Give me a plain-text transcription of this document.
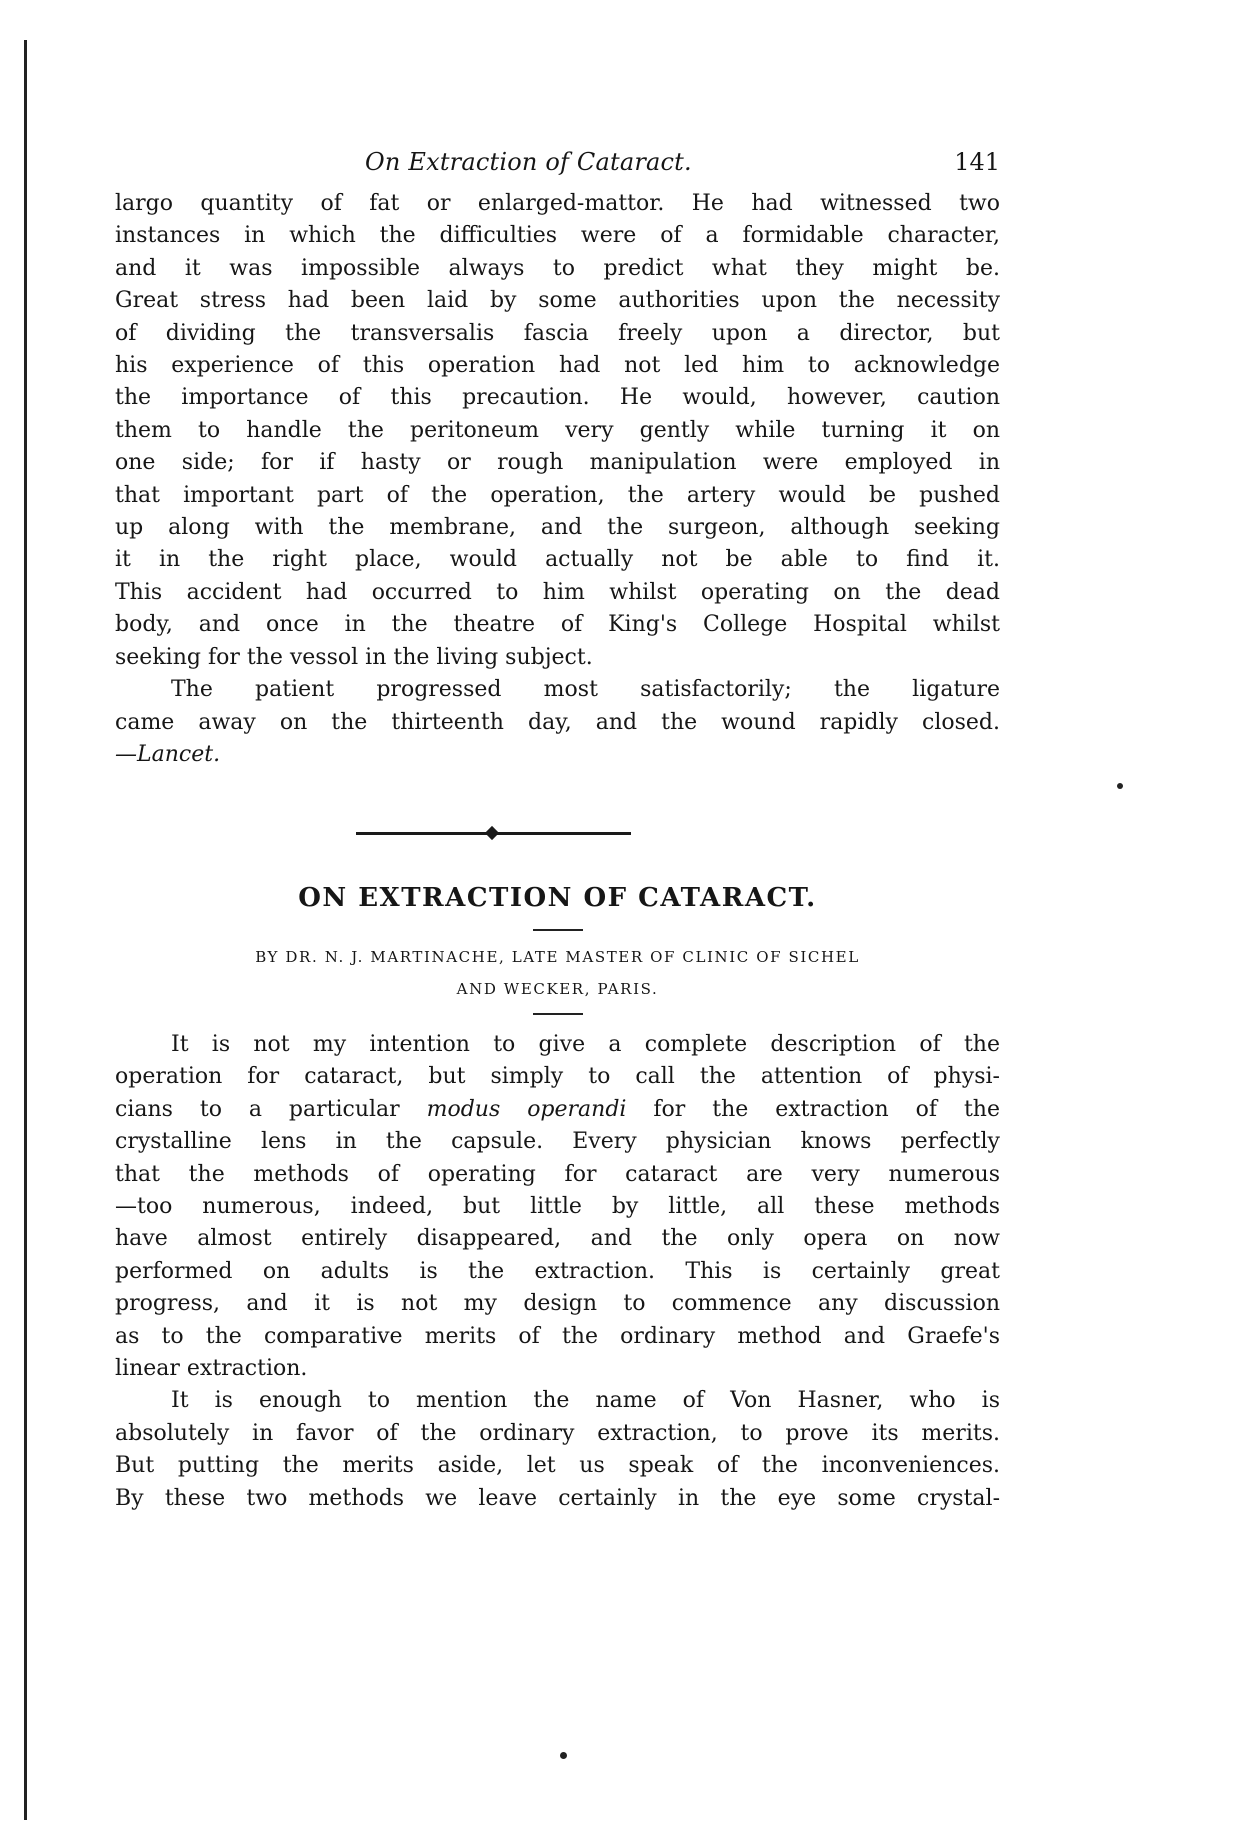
On Extraction of Cataract.	141

largo quantity of fat or enlarged-mattor. He had witnessed two
instances in which the difficulties were of a formidable character,
and it was impossible always to predict what they might be.
Great stress had been laid by some authorities upon the necessity
of dividing the transversalis fascia freely upon a director, but
his experience of this operation had not led him to acknowledge
the importance of this precaution. He would, however, caution
them to handle the peritoneum very gently while turning it on
one side; for if hasty or rough manipulation were employed in
that important part of the operation, the artery would be pushed
up along with the membrane, and the surgeon, although seeking
it in the right place, would actually not be able to find it.
This accident had occurred to him whilst operating on the dead
body, and once in the theatre of King's College Hospital whilst
seeking for the vessol in the living subject.

The patient progressed most satisfactorily; the ligature
came away on the thirteenth day, and the wound rapidly closed.

—Lancet.
ON EXTRACTION OF CATARACT.

BY DR. N. J. MARTINACHE, LATE MASTER OF CLINIC OF SICHEL
AND WECKER, PARIS.

It is not my intention to give a complete description of the
operation for cataract, but simply to call the attention of physi-
cians to a particular modus operandi for the extraction of the
crystalline lens in the capsule. Every physician knows perfectly
that the methods of operating for cataract are very numerous
—too numerous, indeed, but little by little, all these methods
have almost entirely disappeared, and the only opera on now
performed on adults is the extraction. This is certainly great
progress, and it is not my design to commence any discussion
as to the comparative merits of the ordinary method and Graefe's
linear extraction.

It is enough to mention the name of Von Hasner, who is
absolutely in favor of the ordinary extraction, to prove its merits.
But putting the merits aside, let us speak of the inconveniences.
By these two methods we leave certainly in the eye some crystal-
